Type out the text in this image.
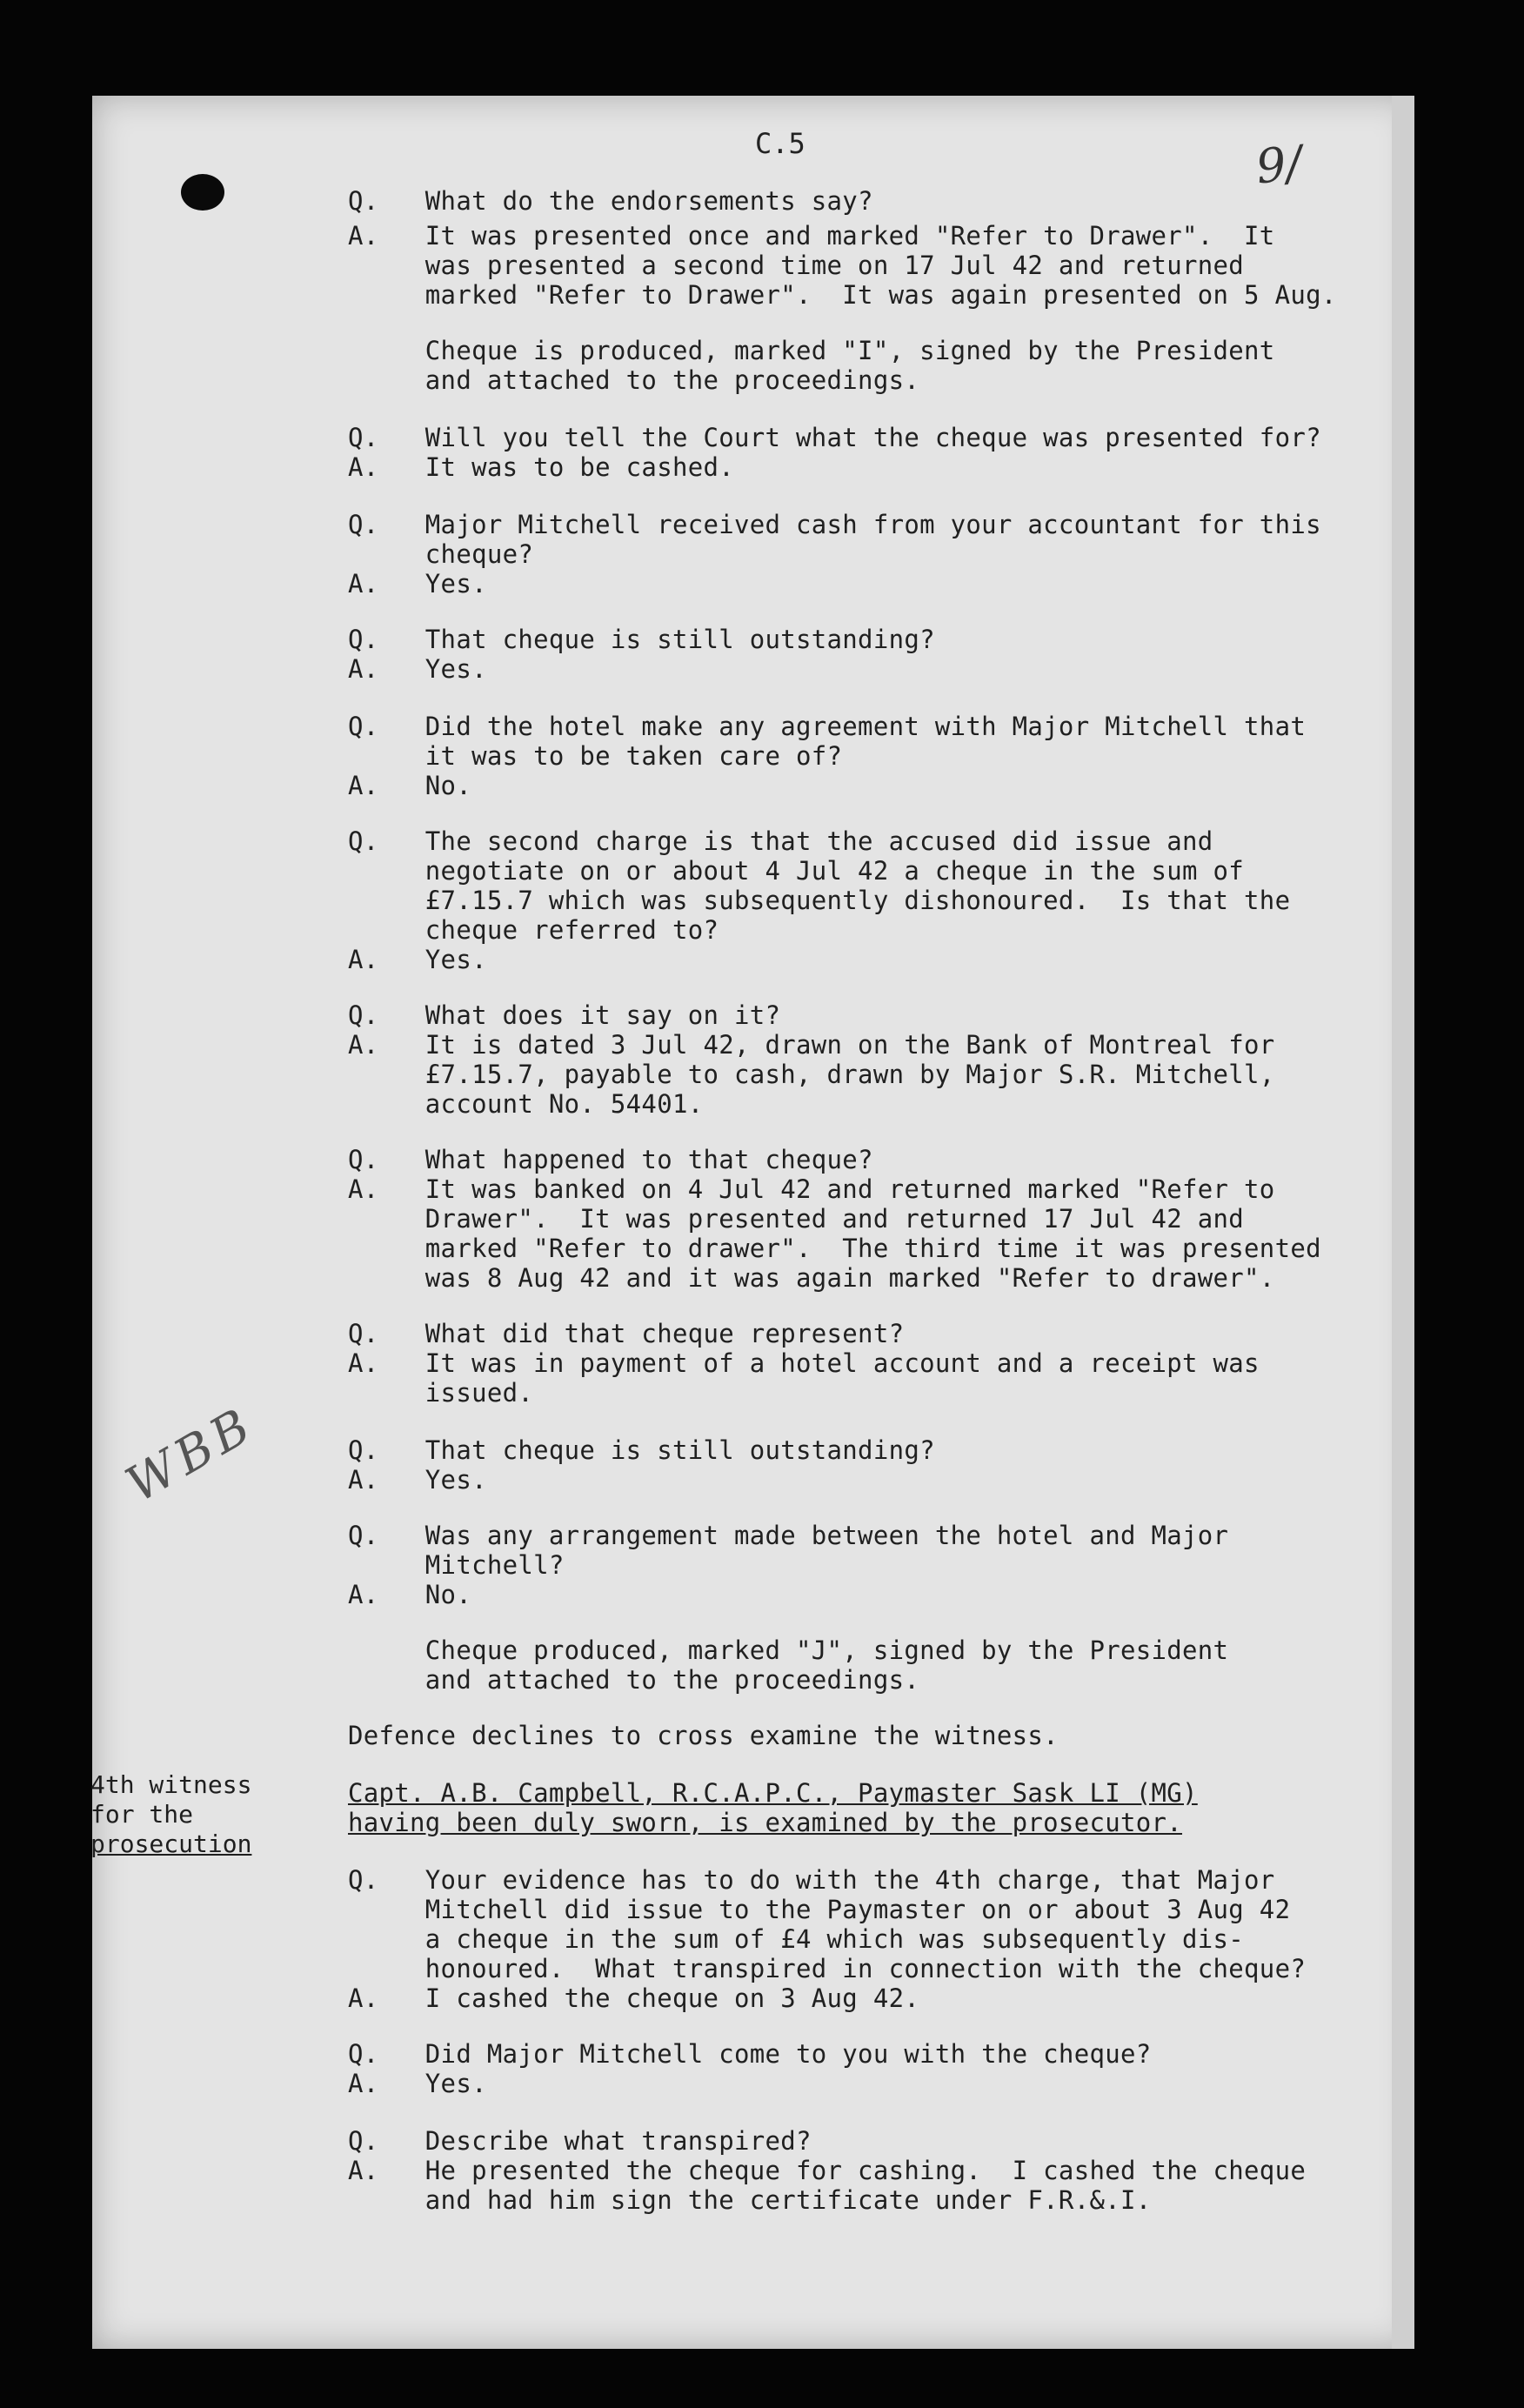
C.5	9/
WBB
4th witness
for the
prosecution
Q.   What do the endorsements say?
A.   It was presented once and marked "Refer to Drawer".  It
was presented a second time on 17 Jul 42 and returned
marked "Refer to Drawer".  It was again presented on 5 Aug.
Cheque is produced, marked "I", signed by the President
and attached to the proceedings.
Q.   Will you tell the Court what the cheque was presented for?
A.   It was to be cashed.
Q.   Major Mitchell received cash from your accountant for this
cheque?
A.   Yes.
Q.   That cheque is still outstanding?
A.   Yes.
Q.   Did the hotel make any agreement with Major Mitchell that
it was to be taken care of?
A.   No.
Q.   The second charge is that the accused did issue and
negotiate on or about 4 Jul 42 a cheque in the sum of
£7.15.7 which was subsequently dishonoured.  Is that the
cheque referred to?
A.   Yes.
Q.   What does it say on it?
A.   It is dated 3 Jul 42, drawn on the Bank of Montreal for
£7.15.7, payable to cash, drawn by Major S.R. Mitchell,
account No. 54401.
Q.   What happened to that cheque?
A.   It was banked on 4 Jul 42 and returned marked "Refer to
Drawer".  It was presented and returned 17 Jul 42 and
marked "Refer to drawer".  The third time it was presented
was 8 Aug 42 and it was again marked "Refer to drawer".
Q.   What did that cheque represent?
A.   It was in payment of a hotel account and a receipt was
issued.
Q.   That cheque is still outstanding?
A.   Yes.
Q.   Was any arrangement made between the hotel and Major
Mitchell?
A.   No.
Cheque produced, marked "J", signed by the President
and attached to the proceedings.
Defence declines to cross examine the witness.
Capt. A.B. Campbell, R.C.A.P.C., Paymaster Sask LI (MG)
having been duly sworn, is examined by the prosecutor.
Q.   Your evidence has to do with the 4th charge, that Major
Mitchell did issue to the Paymaster on or about 3 Aug 42
a cheque in the sum of £4 which was subsequently dis-
honoured.  What transpired in connection with the cheque?
A.   I cashed the cheque on 3 Aug 42.
Q.   Did Major Mitchell come to you with the cheque?
A.   Yes.
Q.   Describe what transpired?
A.   He presented the cheque for cashing.  I cashed the cheque
and had him sign the certificate under F.R.&.I.
